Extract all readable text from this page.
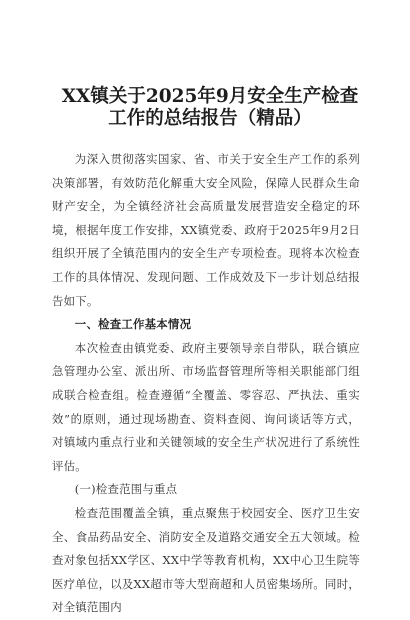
XX镇关于2025年9月安全生产检查
工作的总结报告（精品）

为深入贯彻落实国家、省、市关于安全生产工作的系列决策部署，有效防范化解重大安全风险，保障人民群众生命财产安全，为全镇经济社会高质量发展营造安全稳定的环境，根据年度工作安排，XX镇党委、政府于2025年9月2日组织开展了全镇范围内的安全生产专项检查。现将本次检查工作的具体情况、发现问题、工作成效及下一步计划总结报告如下。

一、检查工作基本情况

本次检查由镇党委、政府主要领导亲自带队，联合镇应急管理办公室、派出所、市场监督管理所等相关职能部门组成联合检查组。检查遵循“全覆盖、零容忍、严执法、重实效”的原则，通过现场勘查、资料查阅、询问谈话等方式，对镇域内重点行业和关键领域的安全生产状况进行了系统性评估。

(一)检查范围与重点

检查范围覆盖全镇，重点聚焦于校园安全、医疗卫生安全、食品药品安全、消防安全及道路交通安全五大领域。检查对象包括XX学区、XX中学等教育机构，XX中心卫生院等医疗单位，以及XX超市等大型商超和人员密集场所。同时，对全镇范围内
